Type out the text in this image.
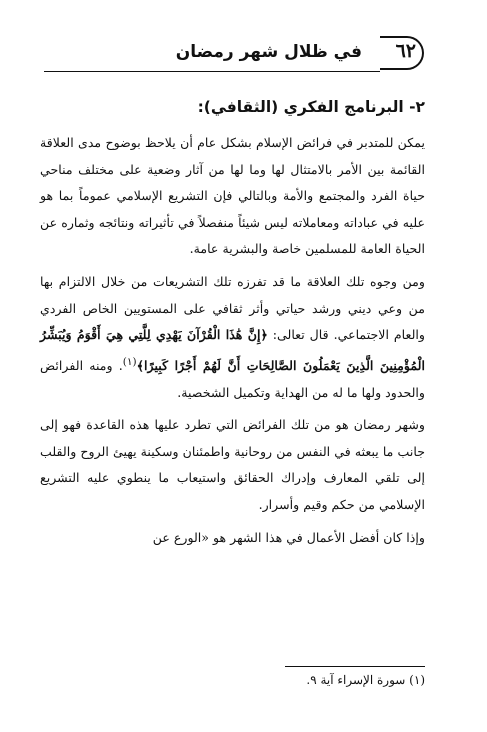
٦٢
في ظلال شهر رمضان
٢- البرنامج الفكري (الثقافي):

يمكن للمتدبر في فرائض الإسلام بشكل عام أن يلاحظ بوضوح مدى العلاقة القائمة بين الأمر بالامتثال لها وما لها من آثار وضعية على مختلف مناحي حياة الفرد والمجتمع والأمة وبالتالي فإن التشريع الإسلامي عموماً بما هو عليه في عباداته ومعاملاته ليس شيئاً منفصلاً في تأثيراته ونتائجه وثماره عن الحياة العامة للمسلمين خاصة والبشرية عامة.

ومن وجوه تلك العلاقة ما قد تفرزه تلك التشريعات من خلال الالتزام بها من وعي ديني ورشد حياتي وأثر ثقافي على المستويين الخاص الفردي والعام الاجتماعي. قال تعالى: ﴿إِنَّ هَٰذَا الْقُرْآنَ يَهْدِي لِلَّتِي هِيَ أَقْوَمُ وَيُبَشِّرُ الْمُؤْمِنِينَ الَّذِينَ يَعْمَلُونَ الصَّالِحَاتِ أَنَّ لَهُمْ أَجْرًا كَبِيرًا﴾$^{(١)}$. ومنه الفرائض والحدود ولها ما له من الهداية وتكميل الشخصية.

وشهر رمضان هو من تلك الفرائض التي تطرد عليها هذه القاعدة فهو إلى جانب ما يبعثه في النفس من روحانية واطمئنان وسكينة يهيئ الروح والقلب إلى تلقي المعارف وإدراك الحقائق واستيعاب ما ينطوي عليه التشريع الإسلامي من حكم وقيم وأسرار.

وإذا كان أفضل الأعمال في هذا الشهر هو «الورع عن

(١) سورة الإسراء آية ٩.
